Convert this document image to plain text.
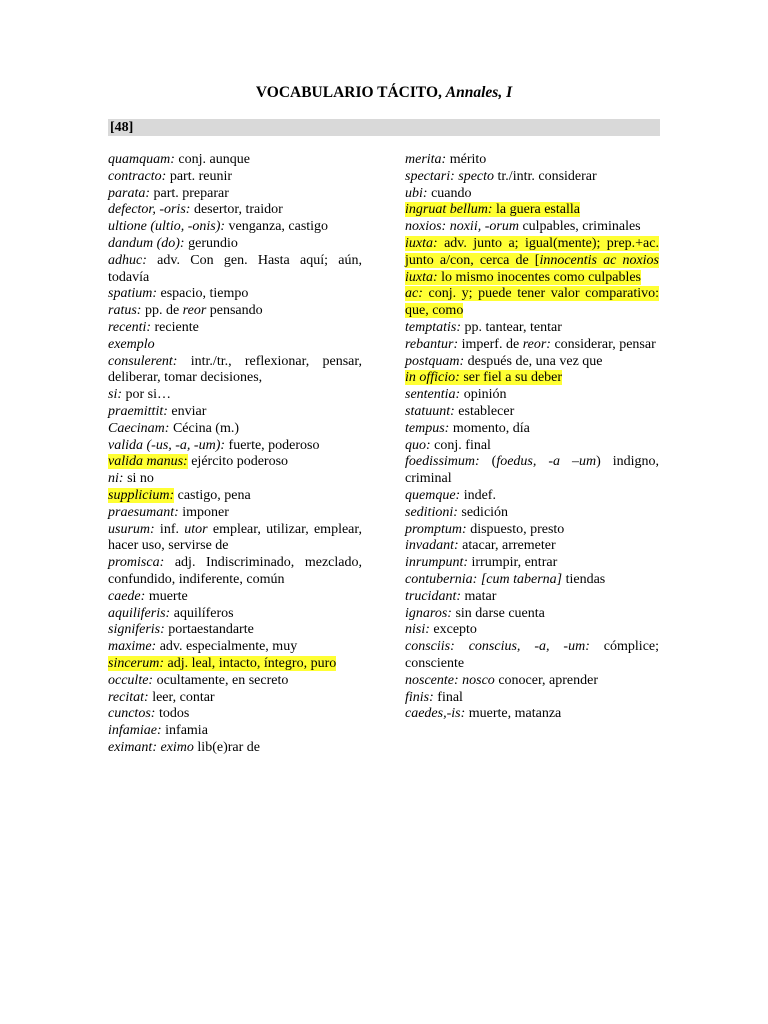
VOCABULARIO TÁCITO, Annales, I
[48]
quamquam: conj. aunque
contracto: part. reunir
parata: part. preparar
defector, -oris: desertor, traidor
ultione (ultio, -onis): venganza, castigo
dandum (do): gerundio
adhuc: adv. Con gen. Hasta aquí; aún, todavía
spatium: espacio, tiempo
ratus: pp. de reor pensando
recenti: reciente
exemplo
consulerent: intr./tr., reflexionar, pensar, deliberar, tomar decisiones,
si: por si…
praemittit: enviar
Caecinam: Cécina (m.)
valida (-us, -a, -um): fuerte, poderoso
valida manus: ejército poderoso
ni: si no
supplicium: castigo, pena
praesumant: imponer
usurum: inf. utor emplear, utilizar, emplear, hacer uso, servirse de
promisca: adj. Indiscriminado, mezclado, confundido, indiferente, común
caede: muerte
aquiliferis: aquilíferos
signiferis: portaestandarte
maxime: adv. especialmente, muy
sincerum: adj. leal, intacto, íntegro, puro
occulte: ocultamente, en secreto
recitat: leer, contar
cunctos: todos
infamiae: infamia
eximant: eximo lib(e)rar de
merita: mérito
spectari: specto tr./intr. considerar
ubi: cuando
ingruat bellum: la guera estalla
noxios: noxii, -orum culpables, criminales
iuxta: adv. junto a; igual(mente); prep.+ac. junto a/con, cerca de [innocentis ac noxios iuxta: lo mismo inocentes como culpables
ac: conj. y; puede tener valor comparativo: que, como
temptatis: pp. tantear, tentar
rebantur: imperf. de reor: considerar, pensar
postquam: después de, una vez que
in officio: ser fiel a su deber
sententia: opinión
statuunt: establecer
tempus: momento, día
quo: conj. final
foedissimum: (foedus, -a –um) indigno, criminal
quemque: indef.
seditioni: sedición
promptum: dispuesto, presto
invadant: atacar, arremeter
inrumpunt: irrumpir, entrar
contubernia: [cum taberna] tiendas
trucidant: matar
ignaros: sin darse cuenta
nisi: excepto
consciis: conscius, -a, -um: cómplice; consciente
noscente: nosco conocer, aprender
finis: final
caedes,-is: muerte, matanza
